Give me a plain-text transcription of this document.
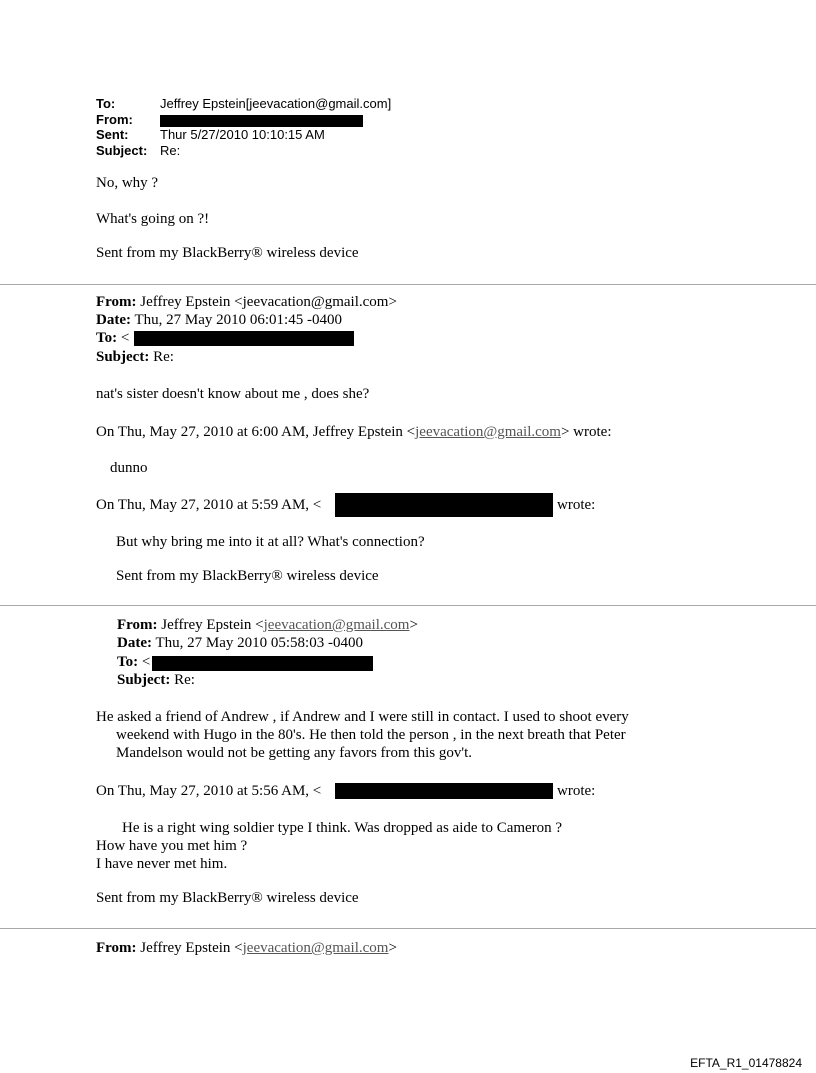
To:	Jeffrey Epstein[jeevacation@gmail.com]
From:
Sent: Thur 5/27/2010 10:10:15 AM
Subject: Re:
No, why ?
What's going on ?!
Sent from my BlackBerry® wireless device
From: Jeffrey Epstein <jeevacation@gmail.com>
Date: Thu, 27 May 2010 06:01:45 -0400
To: <
Subject: Re:
nat's sister doesn't know about me , does she?
On Thu, May 27, 2010 at 6:00 AM, Jeffrey Epstein <jeevacation@gmail.com> wrote:
dunno
On Thu, May 27, 2010 at 5:59 AM, <	wrote:
But why bring me into it at all? What's connection?
Sent from my BlackBerry® wireless device
From: Jeffrey Epstein <jeevacation@gmail.com>
Date: Thu, 27 May 2010 05:58:03 -0400
To: <
Subject: Re:
He asked a friend of Andrew , if Andrew and I were still in contact. I used to shoot every
weekend with Hugo in the 80's. He then told the person , in the next breath that Peter
Mandelson would not be getting any favors from this gov't.
On Thu, May 27, 2010 at 5:56 AM, <	wrote:
He is a right wing soldier type I think. Was dropped as aide to Cameron ?
How have you met him ?
I have never met him.
Sent from my BlackBerry® wireless device
From: Jeffrey Epstein <jeevacation@gmail.com>
EFTA_R1_01478824
